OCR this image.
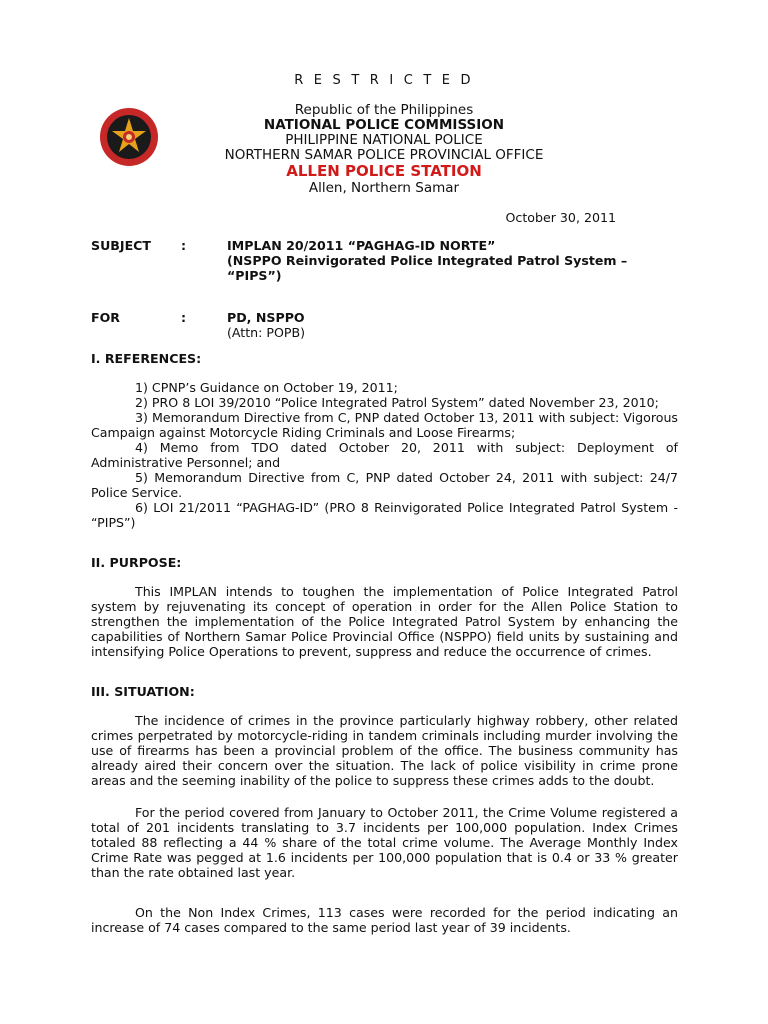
R E S T R I C T E D
Republic of the Philippines
NATIONAL POLICE COMMISSION
PHILIPPINE NATIONAL POLICE
NORTHERN SAMAR POLICE PROVINCIAL OFFICE
ALLEN POLICE STATION
Allen, Northern Samar
October 30, 2011
SUBJECT :	IMPLAN 20/2011 “PAGHAG-ID NORTE”
(NSPPO Reinvigorated Police Integrated Patrol System –
“PIPS”)
FOR	:	PD, NSPPO
(Attn: POPB)
I. REFERENCES:
1) CPNP’s Guidance on October 19, 2011;
2) PRO 8 LOI 39/2010 “Police Integrated Patrol System” dated November 23, 2010;
3) Memorandum Directive from C, PNP dated October 13, 2011 with subject: Vigorous Campaign against Motorcycle Riding Criminals and Loose Firearms;
4) Memo from TDO dated October 20, 2011 with subject: Deployment of Administrative Personnel; and
5) Memorandum Directive from C, PNP dated October 24, 2011 with subject: 24/7 Police Service.
6) LOI 21/2011 “PAGHAG-ID” (PRO 8 Reinvigorated Police Integrated Patrol System - “PIPS”)
II. PURPOSE:
This IMPLAN intends to toughen the implementation of Police Integrated Patrol system by rejuvenating its concept of operation in order for the Allen Police Station to strengthen the implementation of the Police Integrated Patrol System by enhancing the capabilities of Northern Samar Police Provincial Office (NSPPO) field units by sustaining and intensifying Police Operations to prevent, suppress and reduce the occurrence of crimes.
III. SITUATION:
The incidence of crimes in the province particularly highway robbery, other related crimes perpetrated by motorcycle-riding in tandem criminals including murder involving the use of firearms has been a provincial problem of the office. The business community has already aired their concern over the situation. The lack of police visibility in crime prone areas and the seeming inability of the police to suppress these crimes adds to the doubt.
For the period covered from January to October 2011, the Crime Volume registered a total of 201 incidents translating to 3.7 incidents per 100,000 population. Index Crimes totaled 88 reflecting a 44 % share of the total crime volume. The Average Monthly Index Crime Rate was pegged at 1.6 incidents per 100,000 population that is 0.4 or 33 % greater than the rate obtained last year.
On the Non Index Crimes, 113 cases were recorded for the period indicating an increase of 74 cases compared to the same period last year of 39 incidents.
